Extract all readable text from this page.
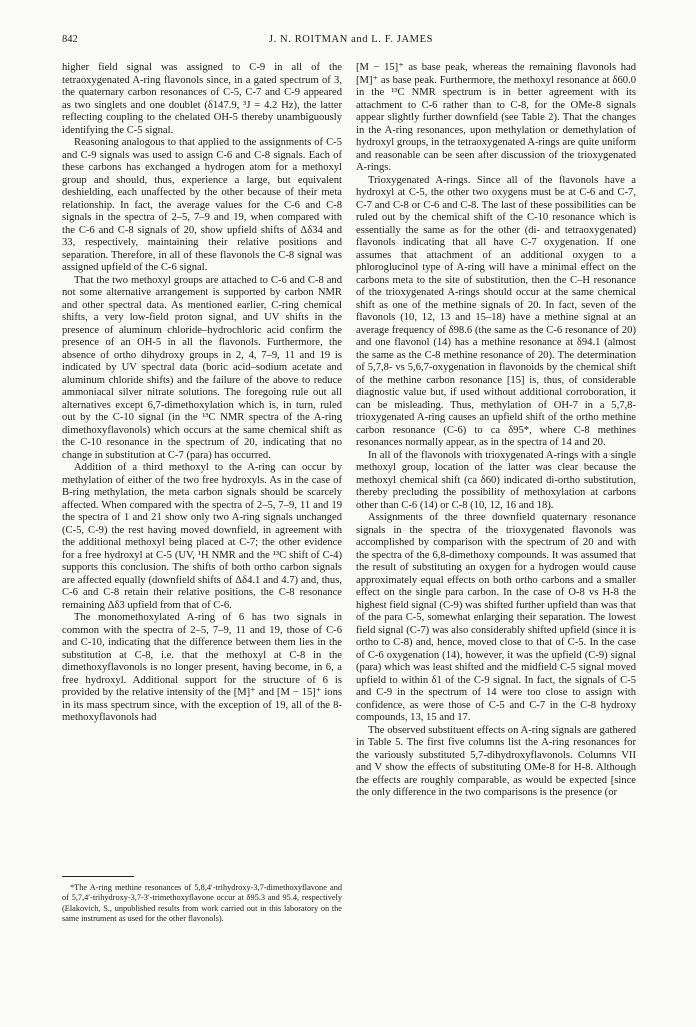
842	J. N. ROITMAN and L. F. JAMES

higher field signal was assigned to C-9 in all of the tetraoxygenated A-ring flavonols since, in a gated spectrum of 3, the quaternary carbon resonances of C-5, C-7 and C-9 appeared as two singlets and one doublet (δ147.9, ³J = 4.2 Hz), the latter reflecting coupling to the chelated OH-5 thereby unambiguously identifying the C-5 signal.

Reasoning analogous to that applied to the assignments of C-5 and C-9 signals was used to assign C-6 and C-8 signals. Each of these carbons has exchanged a hydrogen atom for a methoxyl group and should, thus, experience a large, but equivalent deshielding, each unaffected by the other because of their meta relationship. In fact, the average values for the C-6 and C-8 signals in the spectra of 2–5, 7–9 and 19, when compared with the C-6 and C-8 signals of 20, show upfield shifts of Δδ34 and 33, respectively, maintaining their relative positions and separation. Therefore, in all of these flavonols the C-8 signal was assigned upfield of the C-6 signal.

That the two methoxyl groups are attached to C-6 and C-8 and not some alternative arrangement is supported by carbon NMR and other spectral data. As mentioned earlier, C-ring chemical shifts, a very low-field proton signal, and UV shifts in the presence of aluminum chloride–hydrochloric acid confirm the presence of an OH-5 in all the flavonols. Furthermore, the absence of ortho dihydroxy groups in 2, 4, 7–9, 11 and 19 is indicated by UV spectral data (boric acid–sodium acetate and aluminum chloride shifts) and the failure of the above to reduce ammoniacal silver nitrate solutions. The foregoing rule out all alternatives except 6,7-dimethoxylation which is, in turn, ruled out by the C-10 signal (in the ¹³C NMR spectra of the A-ring dimethoxyflavonols) which occurs at the same chemical shift as the C-10 resonance in the spectrum of 20, indicating that no change in substitution at C-7 (para) has occurred.

Addition of a third methoxyl to the A-ring can occur by methylation of either of the two free hydroxyls. As in the case of B-ring methylation, the meta carbon signals should be scarcely affected. When compared with the spectra of 2–5, 7–9, 11 and 19 the spectra of 1 and 21 show only two A-ring signals unchanged (C-5, C-9) the rest having moved downfield, in agreement with the additional methoxyl being placed at C-7; the other evidence for a free hydroxyl at C-5 (UV, ¹H NMR and the ¹³C shift of C-4) supports this conclusion. The shifts of both ortho carbon signals are affected equally (downfield shifts of Δδ4.1 and 4.7) and, thus, C-6 and C-8 retain their relative positions, the C-8 resonance remaining Δδ3 upfield from that of C-6.

The monomethoxylated A-ring of 6 has two signals in common with the spectra of 2–5, 7–9, 11 and 19, those of C-6 and C-10, indicating that the difference between them lies in the substitution at C-8, i.e. that the methoxyl at C-8 in the dimethoxyflavonols is no longer present, having become, in 6, a free hydroxyl. Additional support for the structure of 6 is provided by the relative intensity of the [M]⁺ and [M − 15]⁺ ions in its mass spectrum since, with the exception of 19, all of the 8-methoxyflavonols had

[M − 15]⁺ as base peak, whereas the remaining flavonols had [M]⁺ as base peak. Furthermore, the methoxyl resonance at δ60.0 in the ¹³C NMR spectrum is in better agreement with its attachment to C-6 rather than to C-8, for the OMe-8 signals appear slightly further downfield (see Table 2). That the changes in the A-ring resonances, upon methylation or demethylation of hydroxyl groups, in the tetraoxygenated A-rings are quite uniform and reasonable can be seen after discussion of the trioxygenated A-rings.

Trioxygenated A-rings. Since all of the flavonols have a hydroxyl at C-5, the other two oxygens must be at C-6 and C-7, C-7 and C-8 or C-6 and C-8. The last of these possibilities can be ruled out by the chemical shift of the C-10 resonance which is essentially the same as for the other (di- and tetraoxygenated) flavonols indicating that all have C-7 oxygenation. If one assumes that attachment of an additional oxygen to a phloroglucinol type of A-ring will have a minimal effect on the carbons meta to the site of substitution, then the C–H resonance of the trioxygenated A-rings should occur at the same chemical shift as one of the methine signals of 20. In fact, seven of the flavonols (10, 12, 13 and 15–18) have a methine signal at an average frequency of δ98.6 (the same as the C-6 resonance of 20) and one flavonol (14) has a methine resonance at δ94.1 (almost the same as the C-8 methine resonance of 20). The determination of 5,7,8- vs 5,6,7-oxygenation in flavonoids by the chemical shift of the methine carbon resonance [15] is, thus, of considerable diagnostic value but, if used without additional corroboration, it can be misleading. Thus, methylation of OH-7 in a 5,7,8-trioxygenated A-ring causes an upfield shift of the ortho methine carbon resonance (C-6) to ca δ95*, where C-8 methines resonances normally appear, as in the spectra of 14 and 20.

In all of the flavonols with trioxygenated A-rings with a single methoxyl group, location of the latter was clear because the methoxyl chemical shift (ca δ60) indicated di-ortho substitution, thereby precluding the possibility of methoxylation at carbons other than C-6 (14) or C-8 (10, 12, 16 and 18).

Assignments of the three downfield quaternary resonance signals in the spectra of the trioxygenated flavonols was accomplished by comparison with the spectrum of 20 and with the spectra of the 6,8-dimethoxy compounds. It was assumed that the result of substituting an oxygen for a hydrogen would cause approximately equal effects on both ortho carbons and a smaller effect on the single para carbon. In the case of O-8 vs H-8 the highest field signal (C-9) was shifted further upfield than was that of the para C-5, somewhat enlarging their separation. The lowest field signal (C-7) was also considerably shifted upfield (since it is ortho to C-8) and, hence, moved close to that of C-5. In the case of C-6 oxygenation (14), however, it was the upfield (C-9) signal (para) which was least shifted and the midfield C-5 signal moved upfield to within δ1 of the C-9 signal. In fact, the signals of C-5 and C-9 in the spectrum of 14 were too close to assign with confidence, as were those of C-5 and C-7 in the C-8 hydroxy compounds, 13, 15 and 17.

The observed substituent effects on A-ring signals are gathered in Table 5. The first five columns list the A-ring resonances for the variously substituted 5,7-dihydroxyflavonols. Columns VII and V show the effects of substituting OMe-8 for H-8. Although the effects are roughly comparable, as would be expected [since the only difference in the two comparisons is the presence (or

*The A-ring methine resonances of 5,8,4′-trihydroxy-3,7-dimethoxyflavone and of 5,7,4′-trihydroxy-3,7-3′-trimethoxyflavone occur at δ95.3 and 95.4, respectively (Elakovich, S., unpublished results from work carried out in this laboratory on the same instrument as used for the other flavonols).
